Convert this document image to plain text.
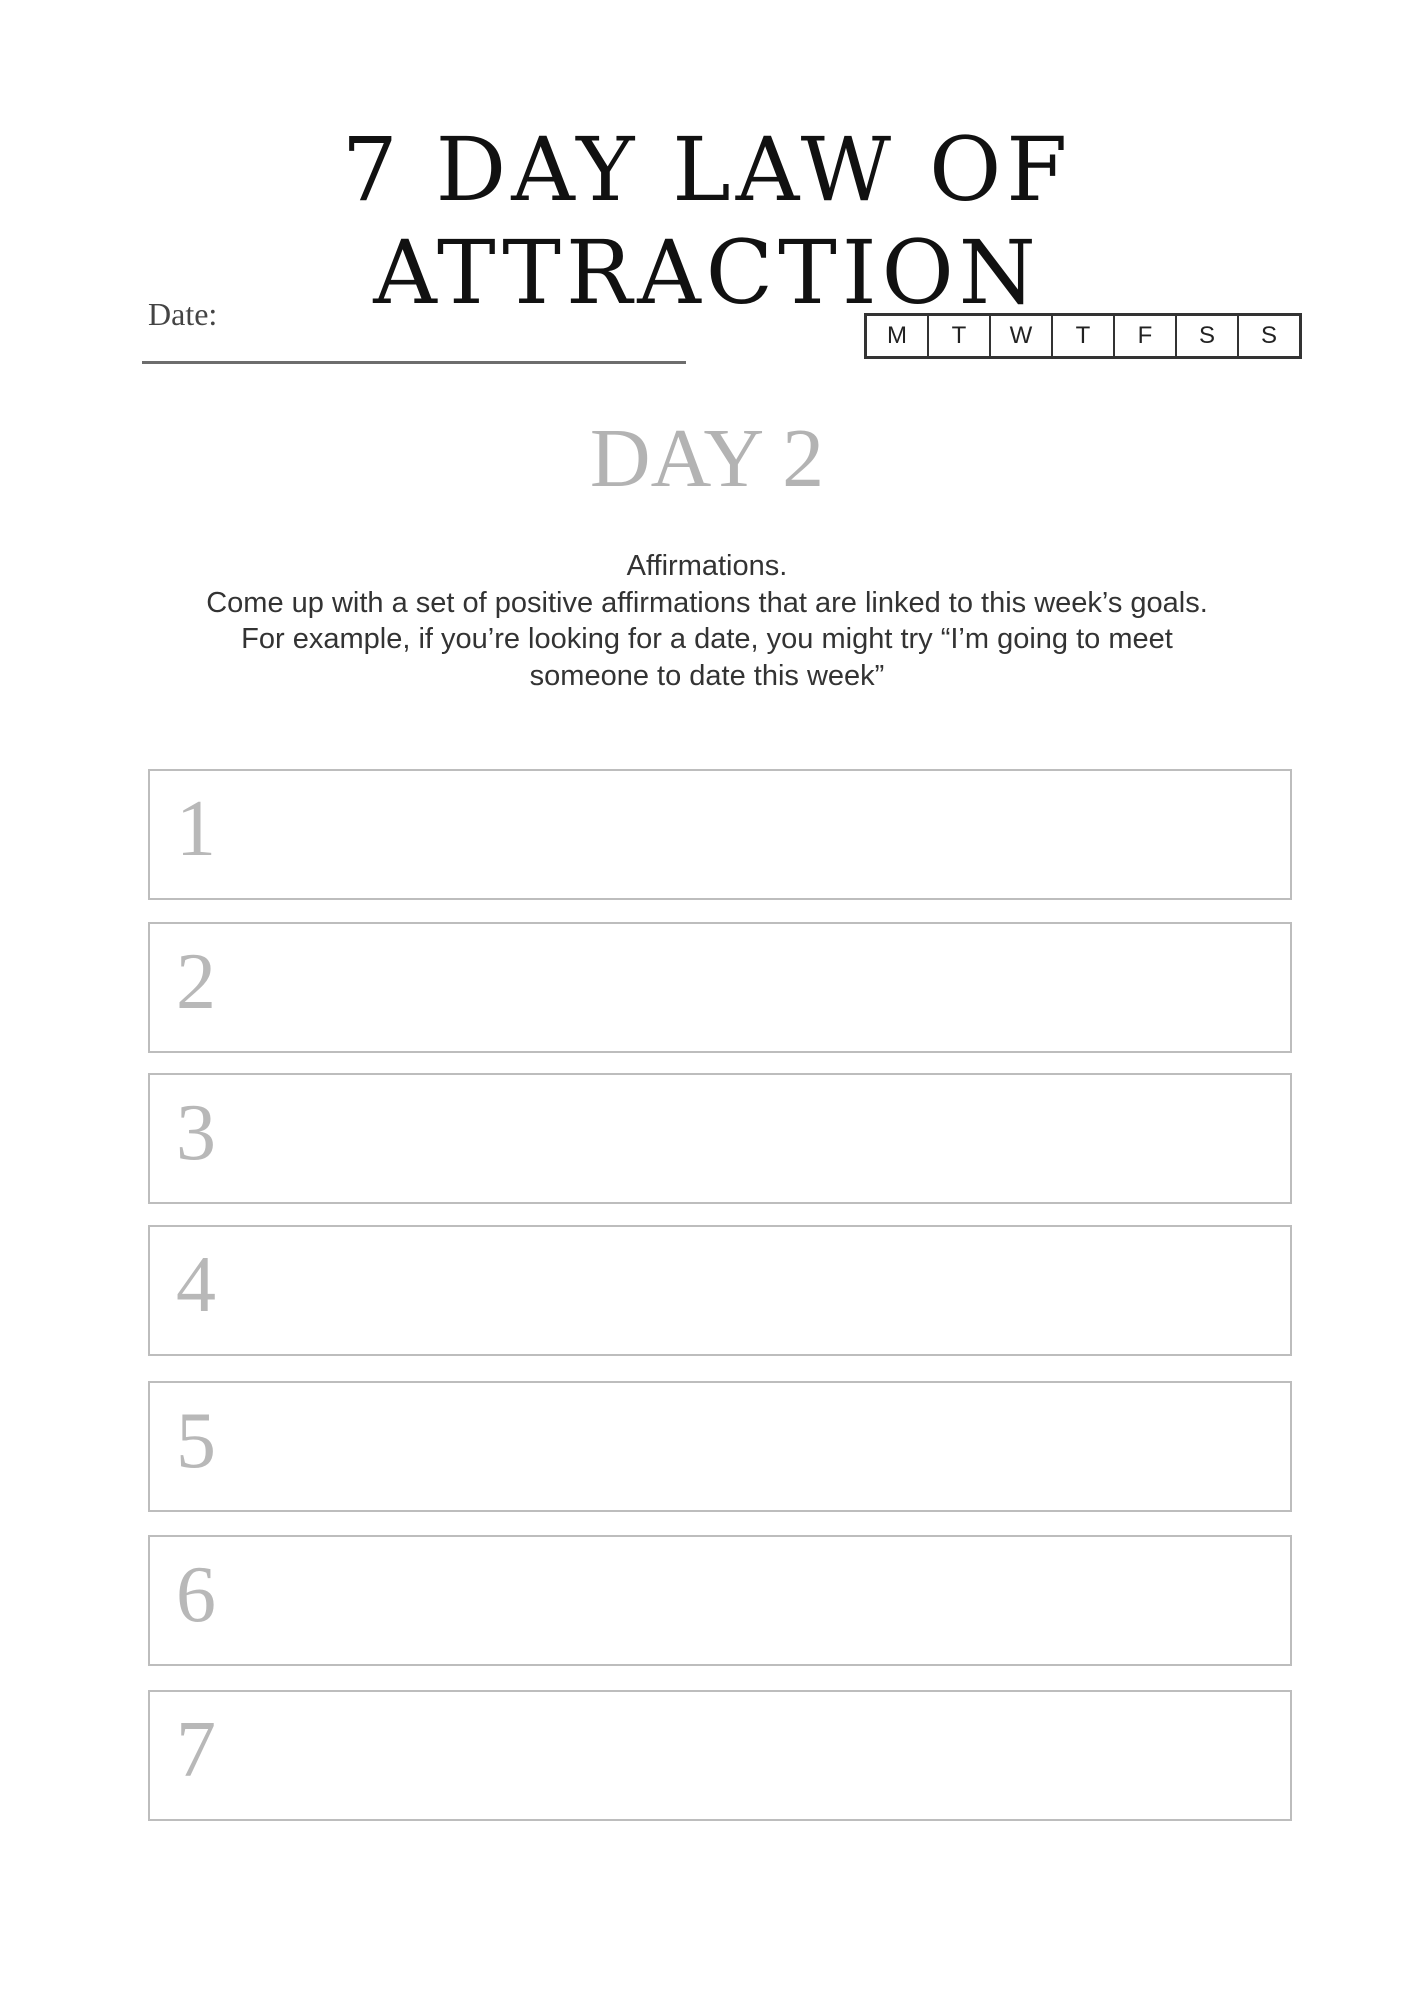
7 DAY LAW OF ATTRACTION
Date:
M	T	W	T	F	S	S
DAY 2
Affirmations.
Come up with a set of positive affirmations that are linked to this week’s goals.
For example, if you’re looking for a date, you might try “I’m going to meet
someone to date this week”
1
2
3
4
5
6
7
